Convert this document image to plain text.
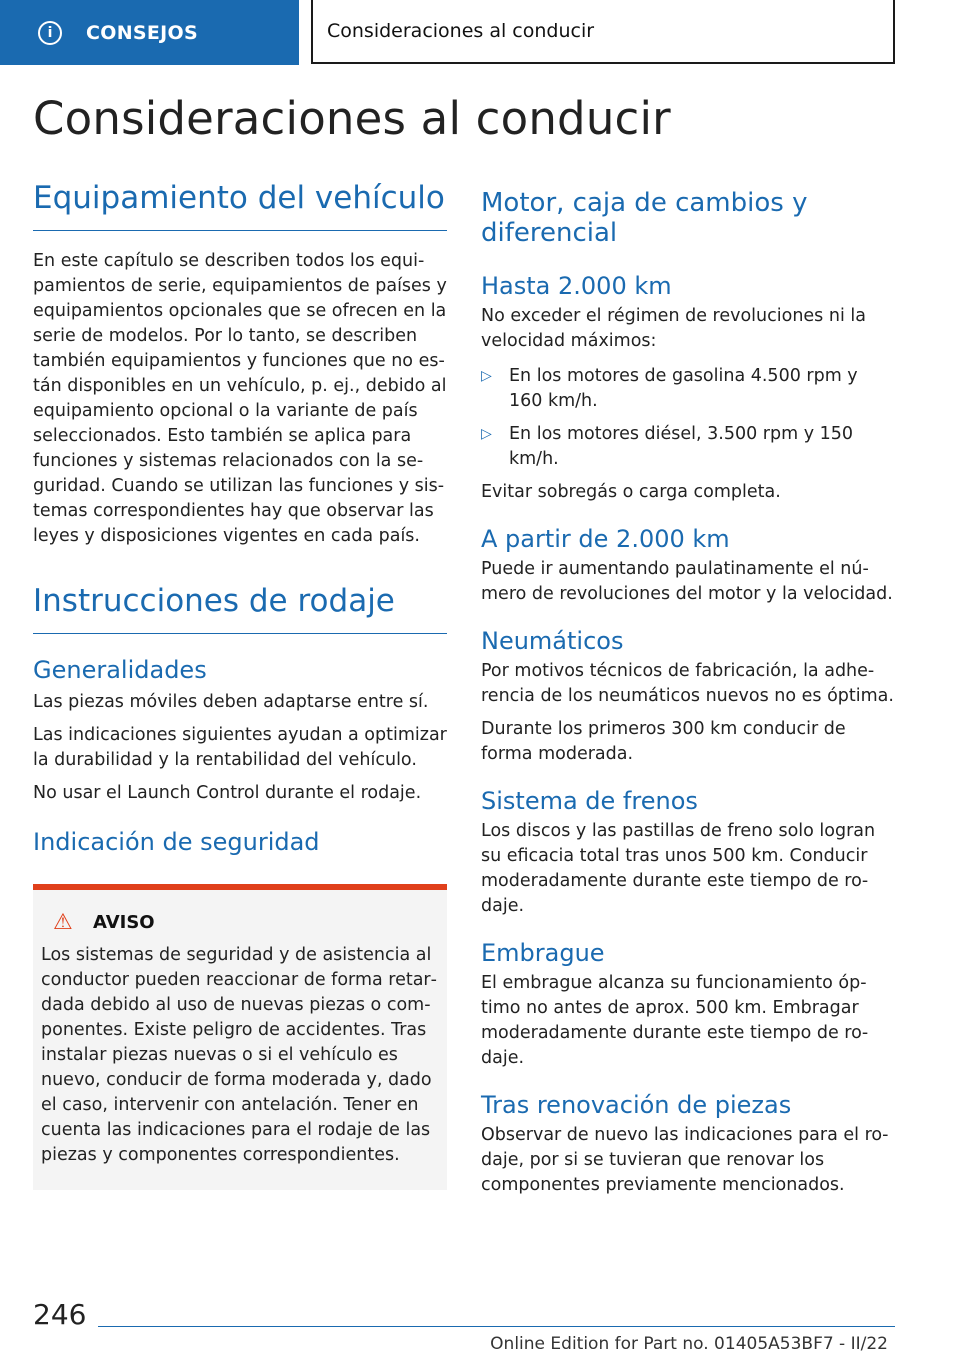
i	CONSEJOS	Consideraciones al conducir
Consideraciones al conducir
Equipamiento del vehículo

En este capítulo se describen todos los equipamientos de serie, equipamientos de países y equipamientos opcionales que se ofrecen en la serie de modelos. Por lo tanto, se describen también equipamientos y funciones que no están disponibles en un vehículo, p. ej., debido al equipamiento opcional o la variante de país seleccionados. Esto también se aplica para funciones y sistemas relacionados con la seguridad. Cuando se utilizan las funciones y sistemas correspondientes hay que observar las leyes y disposiciones vigentes en cada país.

Instrucciones de rodaje
Generalidades

Las piezas móviles deben adaptarse entre sí.

Las indicaciones siguientes ayudan a optimizar la durabilidad y la rentabilidad del vehículo.

No usar el Launch Control durante el rodaje.

Indicación de seguridad
⚠	AVISO

Los sistemas de seguridad y de asistencia al conductor pueden reaccionar de forma retardada debido al uso de nuevas piezas o componentes. Existe peligro de accidentes. Tras instalar piezas nuevas o si el vehículo es nuevo, conducir de forma moderada y, dado el caso, intervenir con antelación. Tener en cuenta las indicaciones para el rodaje de las piezas y componentes correspondientes.

Motor, caja de cambios y diferencial
Hasta 2.000 km

No exceder el régimen de revoluciones ni la velocidad máximos:

▷ En los motores de gasolina 4.500 rpm y 160 km/h.
▷ En los motores diésel, 3.500 rpm y 150 km/h.

Evitar sobregás o carga completa.

A partir de 2.000 km

Puede ir aumentando paulatinamente el número de revoluciones del motor y la velocidad.

Neumáticos

Por motivos técnicos de fabricación, la adherencia de los neumáticos nuevos no es óptima.

Durante los primeros 300 km conducir de forma moderada.

Sistema de frenos

Los discos y las pastillas de freno solo logran su eficacia total tras unos 500 km. Conducir moderadamente durante este tiempo de rodaje.

Embrague

El embrague alcanza su funcionamiento óptimo no antes de aprox. 500 km. Embragar moderadamente durante este tiempo de rodaje.

Tras renovación de piezas

Observar de nuevo las indicaciones para el rodaje, por si se tuvieran que renovar los componentes previamente mencionados.

246
Online Edition for Part no. 01405A53BF7 - II/22
